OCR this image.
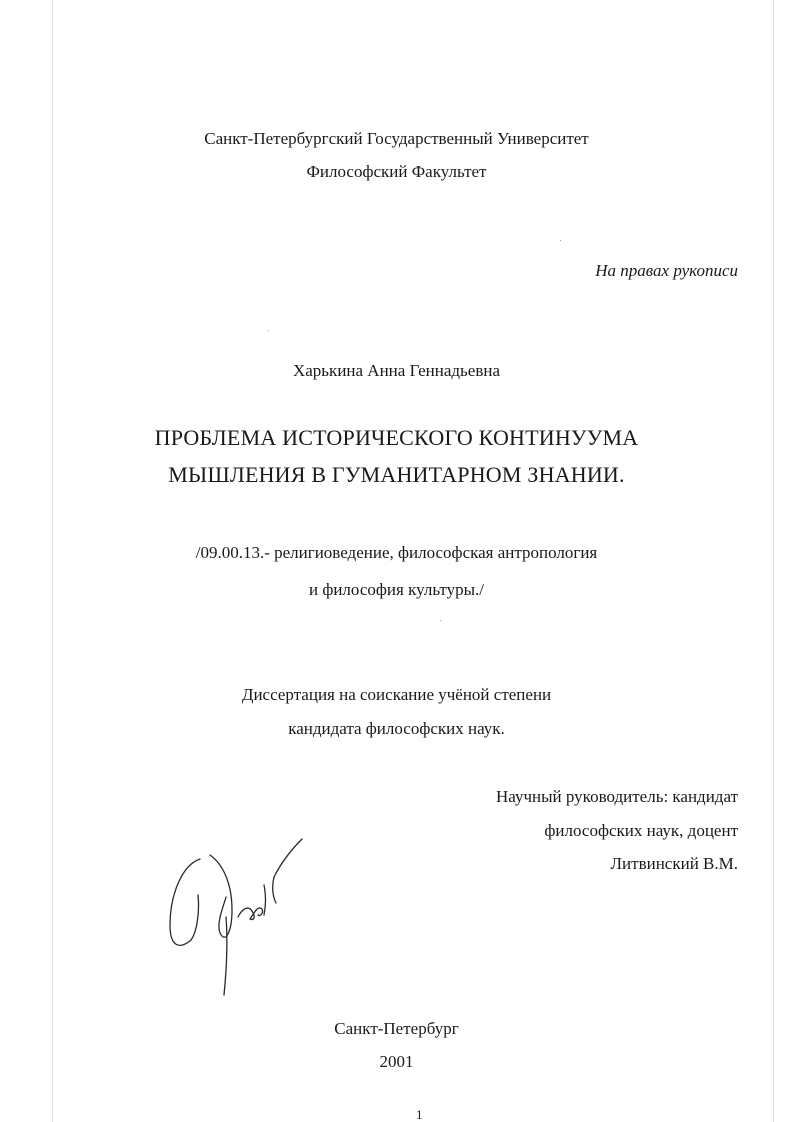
Санкт-Петербургский Государственный Университет
Философский Факультет
На правах рукописи
Харькина Анна Геннадьевна
ПРОБЛЕМА ИСТОРИЧЕСКОГО КОНТИНУУМА
МЫШЛЕНИЯ В ГУМАНИТАРНОМ ЗНАНИИ.
/09.00.13.- религиоведение, философская антропология
и философия культуры./
Диссертация на соискание учёной степени
кандидата философских наук.
Научный руководитель: кандидат
философских наук, доцент
Литвинский В.М.
Санкт-Петербург
2001
1
